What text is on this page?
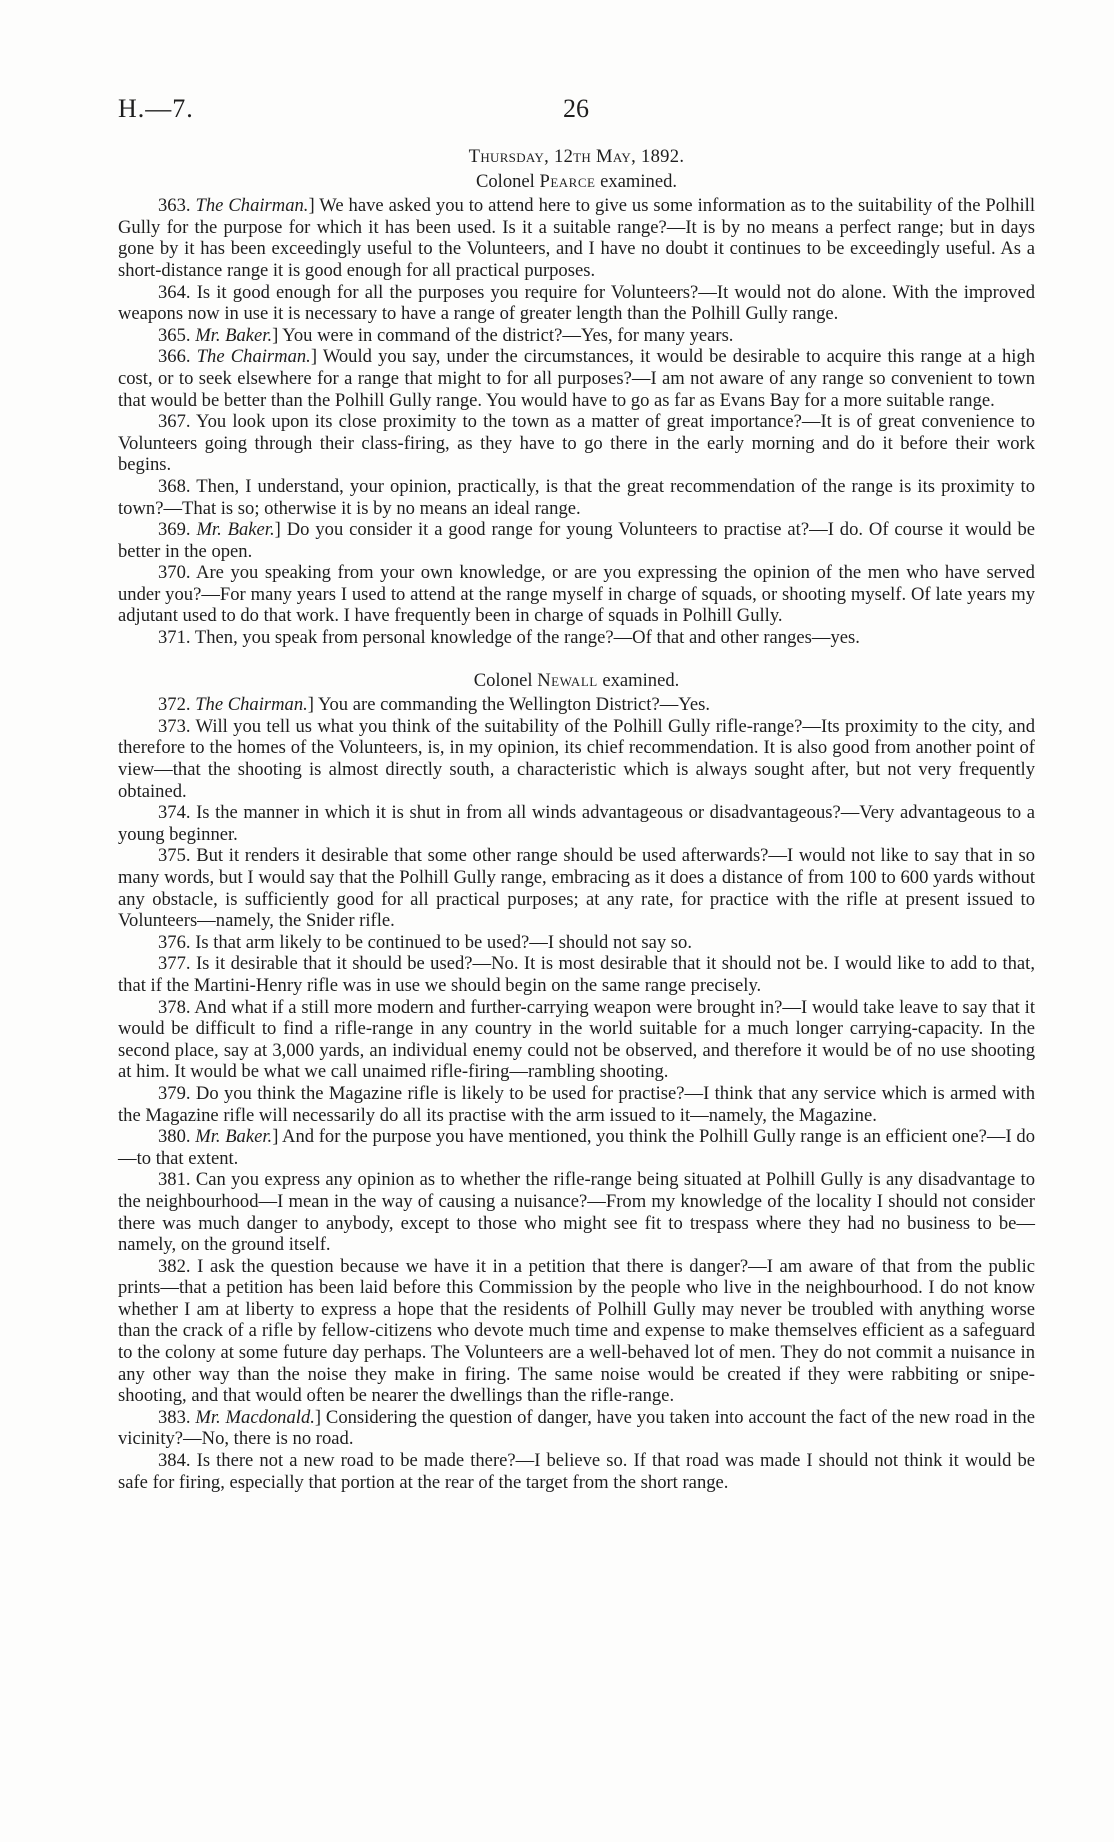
H.—7.	26

Thursday, 12th May, 1892.

Colonel Pearce examined.

363. The Chairman.] We have asked you to attend here to give us some information as to the suitability of the Polhill Gully for the purpose for which it has been used. Is it a suitable range?—It is by no means a perfect range; but in days gone by it has been exceedingly useful to the Volunteers, and I have no doubt it continues to be exceedingly useful. As a short-distance range it is good enough for all practical purposes.

364. Is it good enough for all the purposes you require for Volunteers?—It would not do alone. With the improved weapons now in use it is necessary to have a range of greater length than the Polhill Gully range.

365. Mr. Baker.] You were in command of the district?—Yes, for many years.

366. The Chairman.] Would you say, under the circumstances, it would be desirable to acquire this range at a high cost, or to seek elsewhere for a range that might to for all purposes?—I am not aware of any range so convenient to town that would be better than the Polhill Gully range. You would have to go as far as Evans Bay for a more suitable range.

367. You look upon its close proximity to the town as a matter of great importance?—It is of great convenience to Volunteers going through their class-firing, as they have to go there in the early morning and do it before their work begins.

368. Then, I understand, your opinion, practically, is that the great recommendation of the range is its proximity to town?—That is so; otherwise it is by no means an ideal range.

369. Mr. Baker.] Do you consider it a good range for young Volunteers to practise at?—I do. Of course it would be better in the open.

370. Are you speaking from your own knowledge, or are you expressing the opinion of the men who have served under you?—For many years I used to attend at the range myself in charge of squads, or shooting myself. Of late years my adjutant used to do that work. I have frequently been in charge of squads in Polhill Gully.

371. Then, you speak from personal knowledge of the range?—Of that and other ranges—yes.

Colonel Newall examined.

372. The Chairman.] You are commanding the Wellington District?—Yes.

373. Will you tell us what you think of the suitability of the Polhill Gully rifle-range?—Its proximity to the city, and therefore to the homes of the Volunteers, is, in my opinion, its chief recommendation. It is also good from another point of view—that the shooting is almost directly south, a characteristic which is always sought after, but not very frequently obtained.

374. Is the manner in which it is shut in from all winds advantageous or disadvantageous?—Very advantageous to a young beginner.

375. But it renders it desirable that some other range should be used afterwards?—I would not like to say that in so many words, but I would say that the Polhill Gully range, embracing as it does a distance of from 100 to 600 yards without any obstacle, is sufficiently good for all practical purposes; at any rate, for practice with the rifle at present issued to Volunteers—namely, the Snider rifle.

376. Is that arm likely to be continued to be used?—I should not say so.

377. Is it desirable that it should be used?—No. It is most desirable that it should not be. I would like to add to that, that if the Martini-Henry rifle was in use we should begin on the same range precisely.

378. And what if a still more modern and further-carrying weapon were brought in?—I would take leave to say that it would be difficult to find a rifle-range in any country in the world suitable for a much longer carrying-capacity. In the second place, say at 3,000 yards, an individual enemy could not be observed, and therefore it would be of no use shooting at him. It would be what we call unaimed rifle-firing—rambling shooting.

379. Do you think the Magazine rifle is likely to be used for practise?—I think that any service which is armed with the Magazine rifle will necessarily do all its practise with the arm issued to it—namely, the Magazine.

380. Mr. Baker.] And for the purpose you have mentioned, you think the Polhill Gully range is an efficient one?—I do—to that extent.

381. Can you express any opinion as to whether the rifle-range being situated at Polhill Gully is any disadvantage to the neighbourhood—I mean in the way of causing a nuisance?—From my knowledge of the locality I should not consider there was much danger to anybody, except to those who might see fit to trespass where they had no business to be—namely, on the ground itself.

382. I ask the question because we have it in a petition that there is danger?—I am aware of that from the public prints—that a petition has been laid before this Commission by the people who live in the neighbourhood. I do not know whether I am at liberty to express a hope that the residents of Polhill Gully may never be troubled with anything worse than the crack of a rifle by fellow-citizens who devote much time and expense to make themselves efficient as a safeguard to the colony at some future day perhaps. The Volunteers are a well-behaved lot of men. They do not commit a nuisance in any other way than the noise they make in firing. The same noise would be created if they were rabbiting or snipe-shooting, and that would often be nearer the dwellings than the rifle-range.

383. Mr. Macdonald.] Considering the question of danger, have you taken into account the fact of the new road in the vicinity?—No, there is no road.

384. Is there not a new road to be made there?—I believe so. If that road was made I should not think it would be safe for firing, especially that portion at the rear of the target from the short range.
